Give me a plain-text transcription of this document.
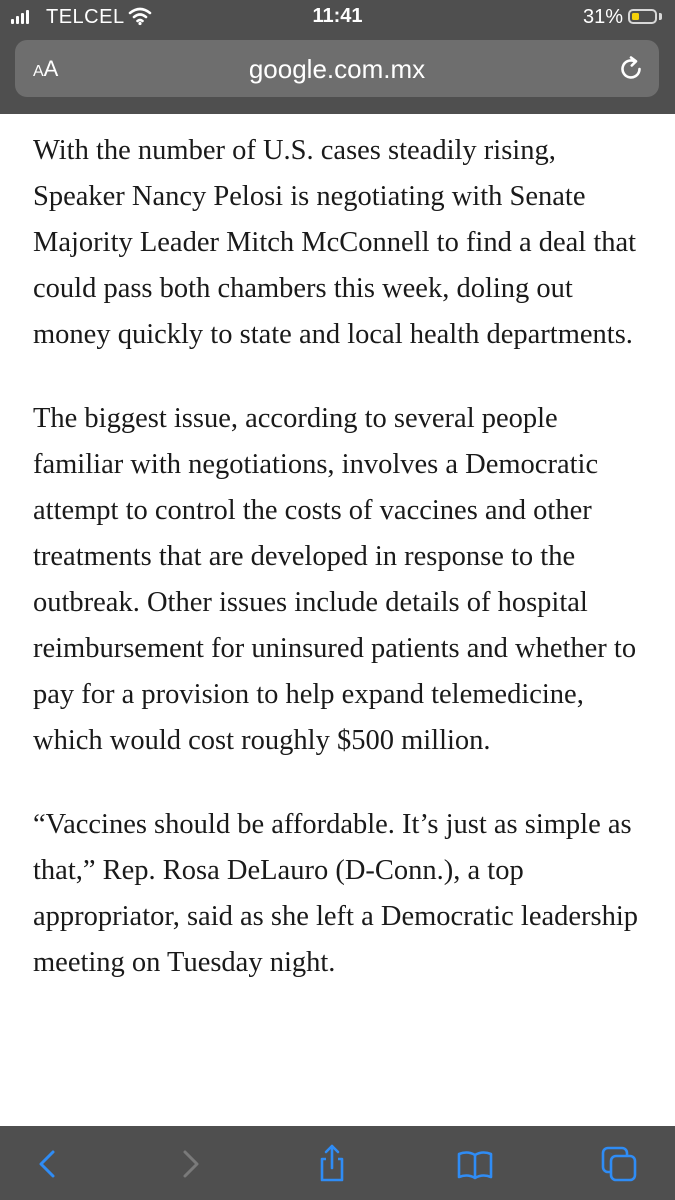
TELCEL	11:41	31%
AA	google.com.mx

With the number of U.S. cases steadily rising, Speaker Nancy Pelosi is negotiating with Senate Majority Leader Mitch McConnell to find a deal that could pass both chambers this week, doling out money quickly to state and local health departments.

The biggest issue, according to several people familiar with negotiations, involves a Democratic attempt to control the costs of vaccines and other treatments that are developed in response to the outbreak. Other issues include details of hospital reimbursement for uninsured patients and whether to pay for a provision to help expand telemedicine, which would cost roughly $500 million.

“Vaccines should be affordable. It’s just as simple as that,” Rep. Rosa DeLauro (D-Conn.), a top appropriator, said as she left a Democratic leadership meeting on Tuesday night.
